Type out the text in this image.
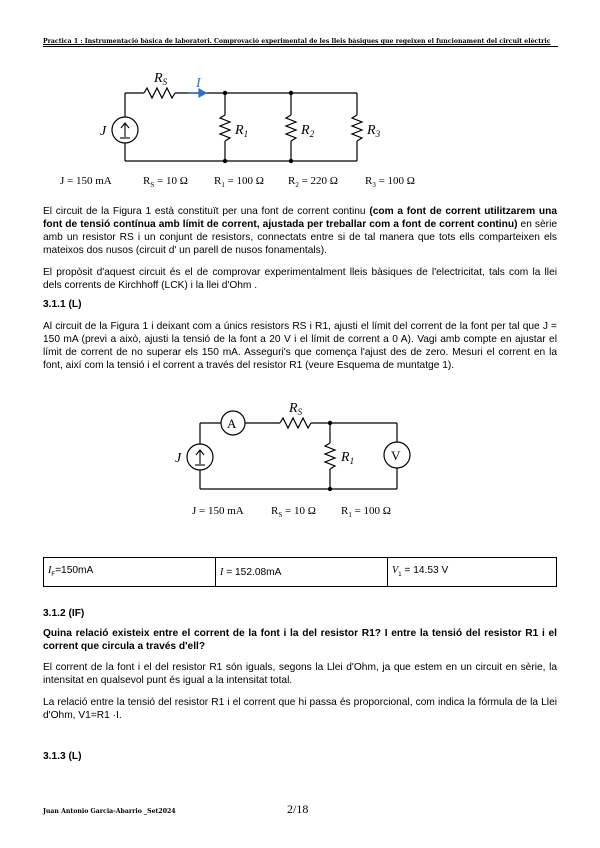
Practica 1 : Instrumentació bàsica de laboratori. Comprovació experimental de les lleis bàsiques que regeixen el funcionament del circuit elèctric
$R_S$ I
J	$R_1$	$R_2$	$R_3$
J = 150 mA	$R_S = 10$ Ω $R_1 = 100$ Ω $R_2 = 220$ Ω $R_3 = 100$ Ω
El circuit de la Figura 1 està constituït per una font de corrent continu (com a font de corrent utilitzarem una font de tensió contínua amb límit de corrent, ajustada per treballar com a font de corrent continu) en sèrie amb un resistor RS i un conjunt de resistors, connectats entre si de tal manera que tots ells comparteixen els mateixos dos nusos (circuit d' un parell de nusos fonamentals).
El propòsit d'aquest circuit és el de comprovar experimentalment lleis bàsiques de l'electricitat, tals com la llei dels corrents de Kirchhoff (LCK) i la llei d'Ohm .
3.1.1 (L)
Al circuit de la Figura 1 i deixant com a únics resistors RS i R1, ajusti el límit del corrent de la font per tal que J = 150 mA (previ a això, ajusti la tensió de la font a 20 V i el límit de corrent a 0 A). Vagi amb compte en ajustar el límit de corrent de no superar els 150 mA. Asseguri's que comença l'ajust des de zero. Mesuri el corrent en la font, així com la tensió i el corrent a través del resistor R1 (veure Esquema de muntatge 1).
A
V
J
$R_S$
$R_1$
J = 150 mA $R_S = 10$ Ω $R_1 = 100$ Ω
$I_F=150mA$	I = 152.08mA	$V_1 = 14.53$ V
3.1.2 (IF)
Quina relació existeix entre el corrent de la font i la del resistor R1? I entre la tensió del resistor R1 i el corrent que circula a través d'ell?
El corrent de la font i el del resistor R1 són iguals, segons la Llei d'Ohm, ja que estem en un circuit en sèrie, la intensitat en qualsevol punt és igual a la intensitat total.
La relació entre la tensió del resistor R1 i el corrent que hi passa és proporcional, com indica la fórmula de la Llei d'Ohm, V1=R1 ·I.
3.1.3 (L)
Juan Antonio Garcia-Abarrio _Set2024	2/18
